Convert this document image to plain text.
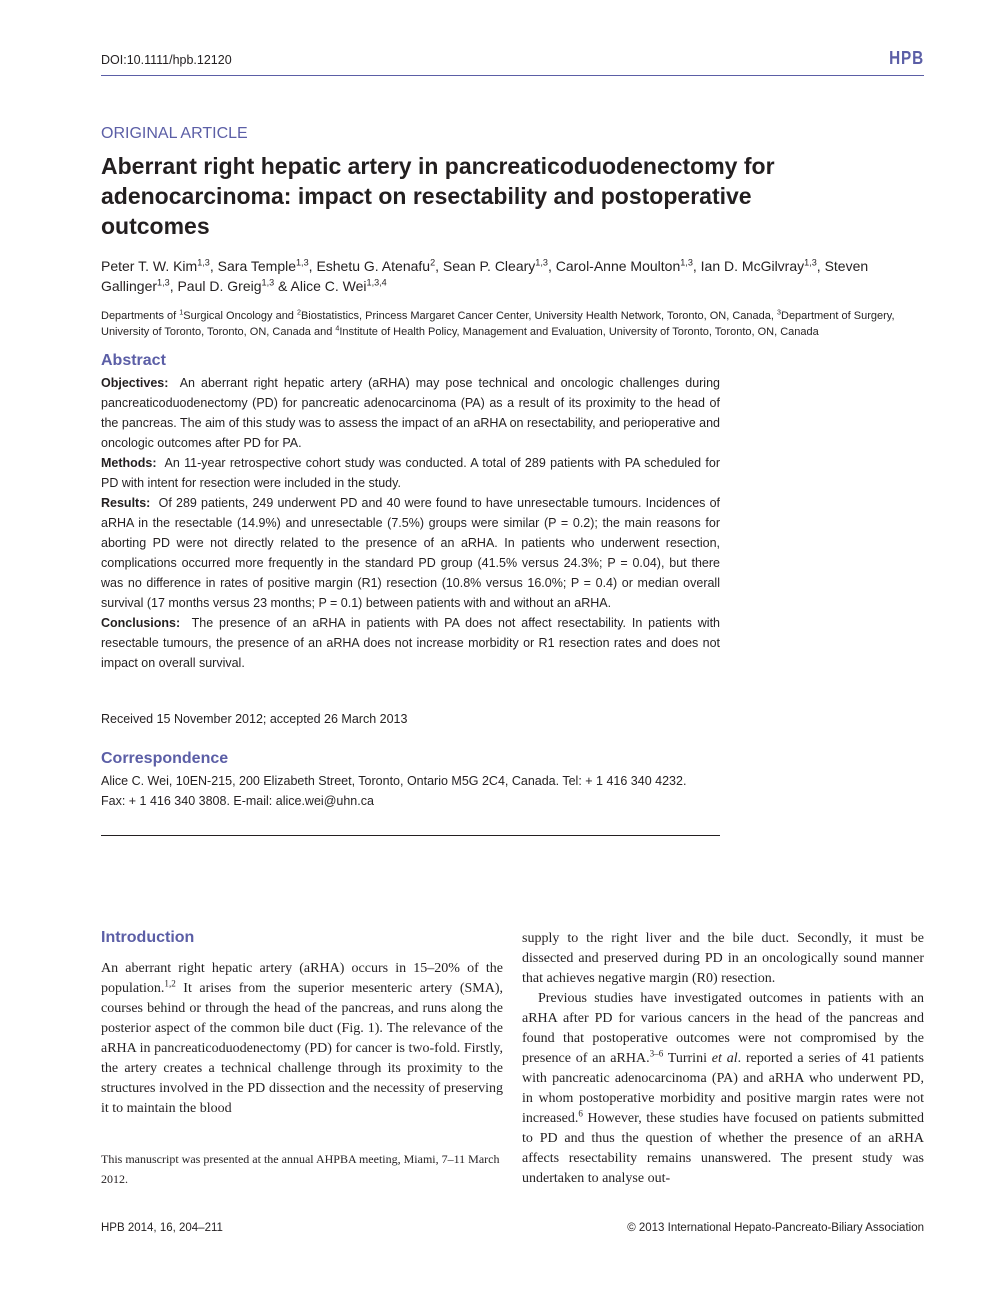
DOI:10.1111/hpb.12120	HPB
ORIGINAL ARTICLE
Aberrant right hepatic artery in pancreaticoduodenectomy for adenocarcinoma: impact on resectability and postoperative outcomes
Peter T. W. Kim$^{1,3}$, Sara Temple$^{1,3}$, Eshetu G. Atenafu$^2$, Sean P. Cleary$^{1,3}$, Carol-Anne Moulton$^{1,3}$, Ian D. McGilvray$^{1,3}$, Steven Gallinger$^{1,3}$, Paul D. Greig$^{1,3}$ & Alice C. Wei$^{1,3,4}$
Departments of $^1$Surgical Oncology and $^2$Biostatistics, Princess Margaret Cancer Center, University Health Network, Toronto, ON, Canada, $^3$Department of Surgery, University of Toronto, Toronto, ON, Canada and $^4$Institute of Health Policy, Management and Evaluation, University of Toronto, Toronto, ON, Canada
Abstract

Objectives: An aberrant right hepatic artery (aRHA) may pose technical and oncologic challenges during pancreaticoduodenectomy (PD) for pancreatic adenocarcinoma (PA) as a result of its proximity to the head of the pancreas. The aim of this study was to assess the impact of an aRHA on resectability, and perioperative and oncologic outcomes after PD for PA.

Methods: An 11-year retrospective cohort study was conducted. A total of 289 patients with PA scheduled for PD with intent for resection were included in the study.

Results: Of 289 patients, 249 underwent PD and 40 were found to have unresectable tumours. Incidences of aRHA in the resectable (14.9%) and unresectable (7.5%) groups were similar (P = 0.2); the main reasons for aborting PD were not directly related to the presence of an aRHA. In patients who underwent resection, complications occurred more frequently in the standard PD group (41.5% versus 24.3%; P = 0.04), but there was no difference in rates of positive margin (R1) resection (10.8% versus 16.0%; P = 0.4) or median overall survival (17 months versus 23 months; P = 0.1) between patients with and without an aRHA.

Conclusions: The presence of an aRHA in patients with PA does not affect resectability. In patients with resectable tumours, the presence of an aRHA does not increase morbidity or R1 resection rates and does not impact on overall survival.

Received 15 November 2012; accepted 26 March 2013
Correspondence
Alice C. Wei, 10EN-215, 200 Elizabeth Street, Toronto, Ontario M5G 2C4, Canada. Tel: + 1 416 340 4232.
Fax: + 1 416 340 3808. E-mail: alice.wei@uhn.ca
Introduction

An aberrant right hepatic artery (aRHA) occurs in 15–20% of the population.$^{1,2}$ It arises from the superior mesenteric artery (SMA), courses behind or through the head of the pancreas, and runs along the posterior aspect of the common bile duct (Fig. 1). The relevance of the aRHA in pancreaticoduodenectomy (PD) for cancer is two-fold. Firstly, the artery creates a technical challenge through its proximity to the structures involved in the PD dissection and the necessity of preserving it to maintain the blood

supply to the right liver and the bile duct. Secondly, it must be dissected and preserved during PD in an oncologically sound manner that achieves negative margin (R0) resection.

Previous studies have investigated outcomes in patients with an aRHA after PD for various cancers in the head of the pancreas and found that postoperative outcomes were not compromised by the presence of an aRHA.$^{3-6}$ Turrini et al. reported a series of 41 patients with pancreatic adenocarcinoma (PA) and aRHA who underwent PD, in whom postoperative morbidity and positive margin rates were not increased.$^6$ However, these studies have focused on patients submitted to PD and thus the question of whether the presence of an aRHA affects resectability remains unanswered. The present study was undertaken to analyse out-

This manuscript was presented at the annual AHPBA meeting, Miami, 7–11 March 2012.
HPB 2014, 16, 204–211	© 2013 International Hepato-Pancreato-Biliary Association
